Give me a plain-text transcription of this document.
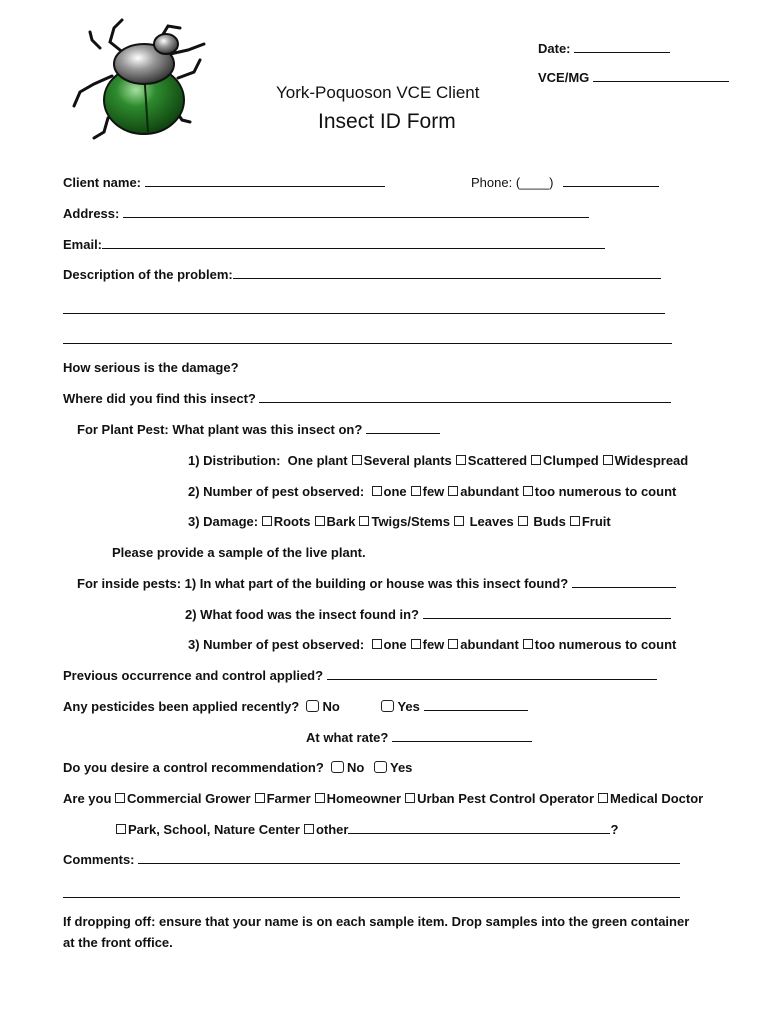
Date:
VCE/MG
York-Poquoson VCE Client
Insect ID Form
Client name:	Phone: (____)
Address:
Email:
Description of the problem:
How serious is the damage?
Where did you find this insect?
For Plant Pest: What plant was this insect on?
1) Distribution: One plant Several plants Scattered Clumped Widespread
2) Number of pest observed: one few abundant too numerous to count
3) Damage: Roots Bark Twigs/Stems Leaves Buds Fruit
Please provide a sample of the live plant.
For inside pests: 1) In what part of the building or house was this insect found?
2) What food was the insect found in?
3) Number of pest observed: one few abundant too numerous to count
Previous occurrence and control applied?
Any pesticides been applied recently? No	Yes
At what rate?
Do you desire a control recommendation? No Yes
Are you Commercial Grower Farmer Homeowner Urban Pest Control Operator Medical Doctor
Park, School, Nature Center other	?
Comments:
If dropping off: ensure that your name is on each sample item. Drop samples into the green container
at the front office.
